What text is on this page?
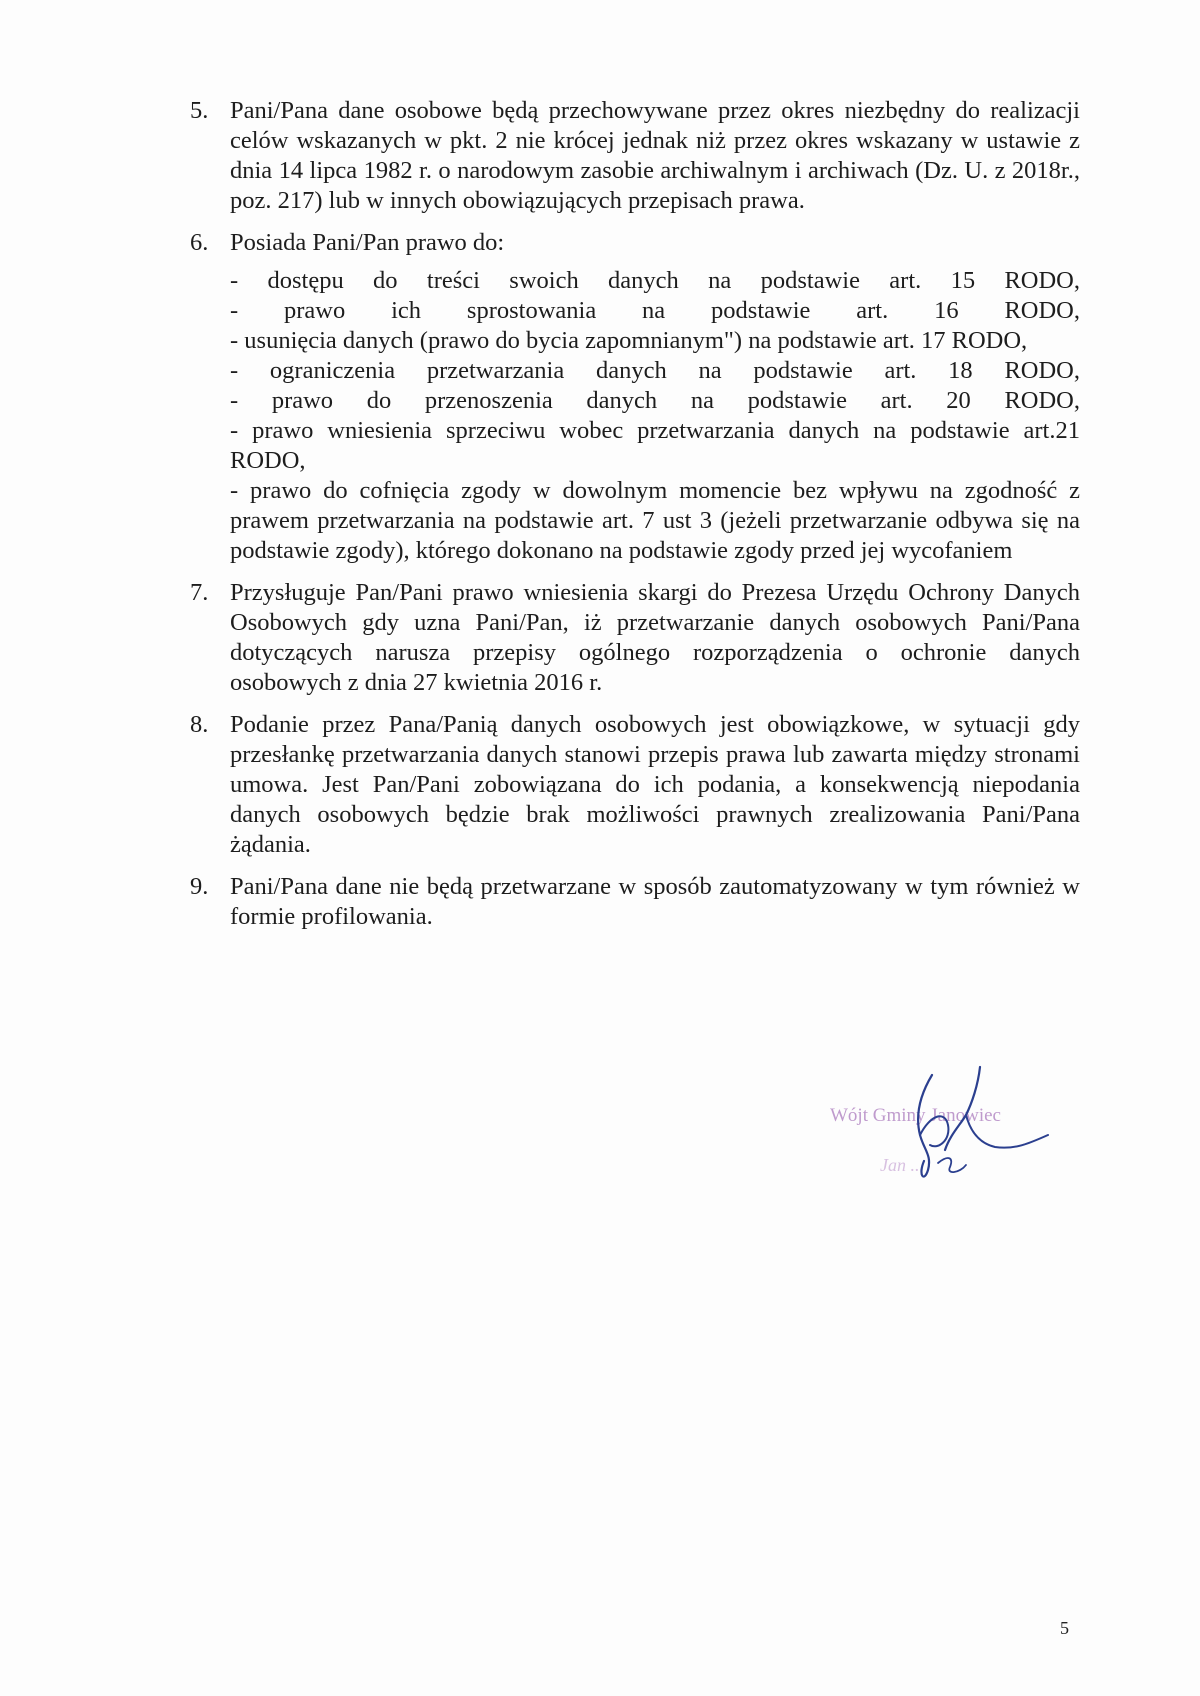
5. Pani/Pana dane osobowe będą przechowywane przez okres niezbędny do realizacji celów wskazanych w pkt. 2 nie krócej jednak niż przez okres wskazany w ustawie z dnia 14 lipca 1982 r. o narodowym zasobie archiwalnym i archiwach (Dz. U. z 2018r., poz. 217) lub w innych obowiązujących przepisach prawa.
6. Posiada Pani/Pan prawo do:
- dostępu do treści swoich danych na podstawie art. 15 RODO,
- prawo ich sprostowania na podstawie art. 16 RODO,
- usunięcia danych (prawo do bycia zapomnianym") na podstawie art. 17 RODO,
- ograniczenia przetwarzania danych na podstawie art. 18 RODO,
- prawo do przenoszenia danych na podstawie art. 20 RODO,
- prawo wniesienia sprzeciwu wobec przetwarzania danych na podstawie art.21 RODO,
- prawo do cofnięcia zgody w dowolnym momencie bez wpływu na zgodność z prawem przetwarzania na podstawie art. 7 ust 3 (jeżeli przetwarzanie odbywa się na podstawie zgody), którego dokonano na podstawie zgody przed jej wycofaniem
7. Przysługuje Pan/Pani prawo wniesienia skargi do Prezesa Urzędu Ochrony Danych Osobowych gdy uzna Pani/Pan, iż przetwarzanie danych osobowych Pani/Pana dotyczących narusza przepisy ogólnego rozporządzenia o ochronie danych osobowych z dnia 27 kwietnia 2016 r.
8. Podanie przez Pana/Panią danych osobowych jest obowiązkowe, w sytuacji gdy przesłankę przetwarzania danych stanowi przepis prawa lub zawarta między stronami umowa. Jest Pan/Pani zobowiązana do ich podania, a konsekwencją niepodania danych osobowych będzie brak możliwości prawnych zrealizowania Pani/Pana żądania.
9. Pani/Pana dane nie będą przetwarzane w sposób zautomatyzowany w tym również w formie profilowania.
Wójt Gminy Janowiec
Jan ...
5
